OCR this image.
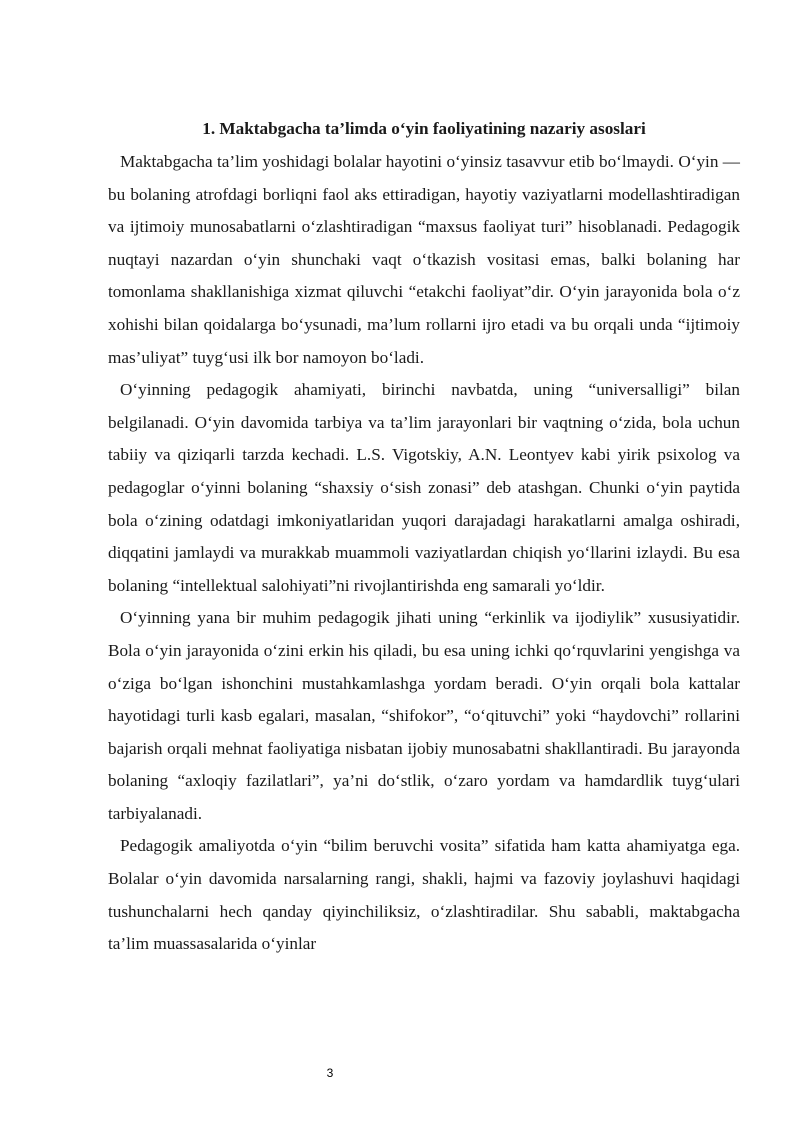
1. Maktabgacha ta’limda o‘yin faoliyatining nazariy asoslari

Maktabgacha ta’lim yoshidagi bolalar hayotini o‘yinsiz tasavvur etib bo‘lmaydi. O‘yin — bu bolaning atrofdagi borliqni faol aks ettiradigan, hayotiy vaziyatlarni modellashtiradigan va ijtimoiy munosabatlarni o‘zlashtiradigan “maxsus faoliyat turi” hisoblanadi. Pedagogik nuqtayi nazardan o‘yin shunchaki vaqt o‘tkazish vositasi emas, balki bolaning har tomonlama shakllanishiga xizmat qiluvchi “etakchi faoliyat”dir. O‘yin jarayonida bola o‘z xohishi bilan qoidalarga bo‘ysunadi, ma’lum rollarni ijro etadi va bu orqali unda “ijtimoiy mas’uliyat” tuyg‘usi ilk bor namoyon bo‘ladi.

O‘yinning pedagogik ahamiyati, birinchi navbatda, uning “universalligi” bilan belgilanadi. O‘yin davomida tarbiya va ta’lim jarayonlari bir vaqtning o‘zida, bola uchun tabiiy va qiziqarli tarzda kechadi. L.S. Vigotskiy, A.N. Leontyev kabi yirik psixolog va pedagoglar o‘yinni bolaning “shaxsiy o‘sish zonasi” deb atashgan. Chunki o‘yin paytida bola o‘zining odatdagi imkoniyatlaridan yuqori darajadagi harakatlarni amalga oshiradi, diqqatini jamlaydi va murakkab muammoli vaziyatlardan chiqish yo‘llarini izlaydi. Bu esa bolaning “intellektual salohiyati”ni rivojlantirishda eng samarali yo‘ldir.

O‘yinning yana bir muhim pedagogik jihati uning “erkinlik va ijodiylik” xususiyatidir. Bola o‘yin jarayonida o‘zini erkin his qiladi, bu esa uning ichki qo‘rquvlarini yengishga va o‘ziga bo‘lgan ishonchini mustahkamlashga yordam beradi. O‘yin orqali bola kattalar hayotidagi turli kasb egalari, masalan, “shifokor”, “o‘qituvchi” yoki “haydovchi” rollarini bajarish orqali mehnat faoliyatiga nisbatan ijobiy munosabatni shakllantiradi. Bu jarayonda bolaning “axloqiy fazilatlari”, ya’ni do‘stlik, o‘zaro yordam va hamdardlik tuyg‘ulari tarbiyalanadi.

Pedagogik amaliyotda o‘yin “bilim beruvchi vosita” sifatida ham katta ahamiyatga ega. Bolalar o‘yin davomida narsalarning rangi, shakli, hajmi va fazoviy joylashuvi haqidagi tushunchalarni hech qanday qiyinchiliksiz, o‘zlashtiradilar. Shu sababli, maktabgacha ta’lim muassasalarida o‘yinlar

3
